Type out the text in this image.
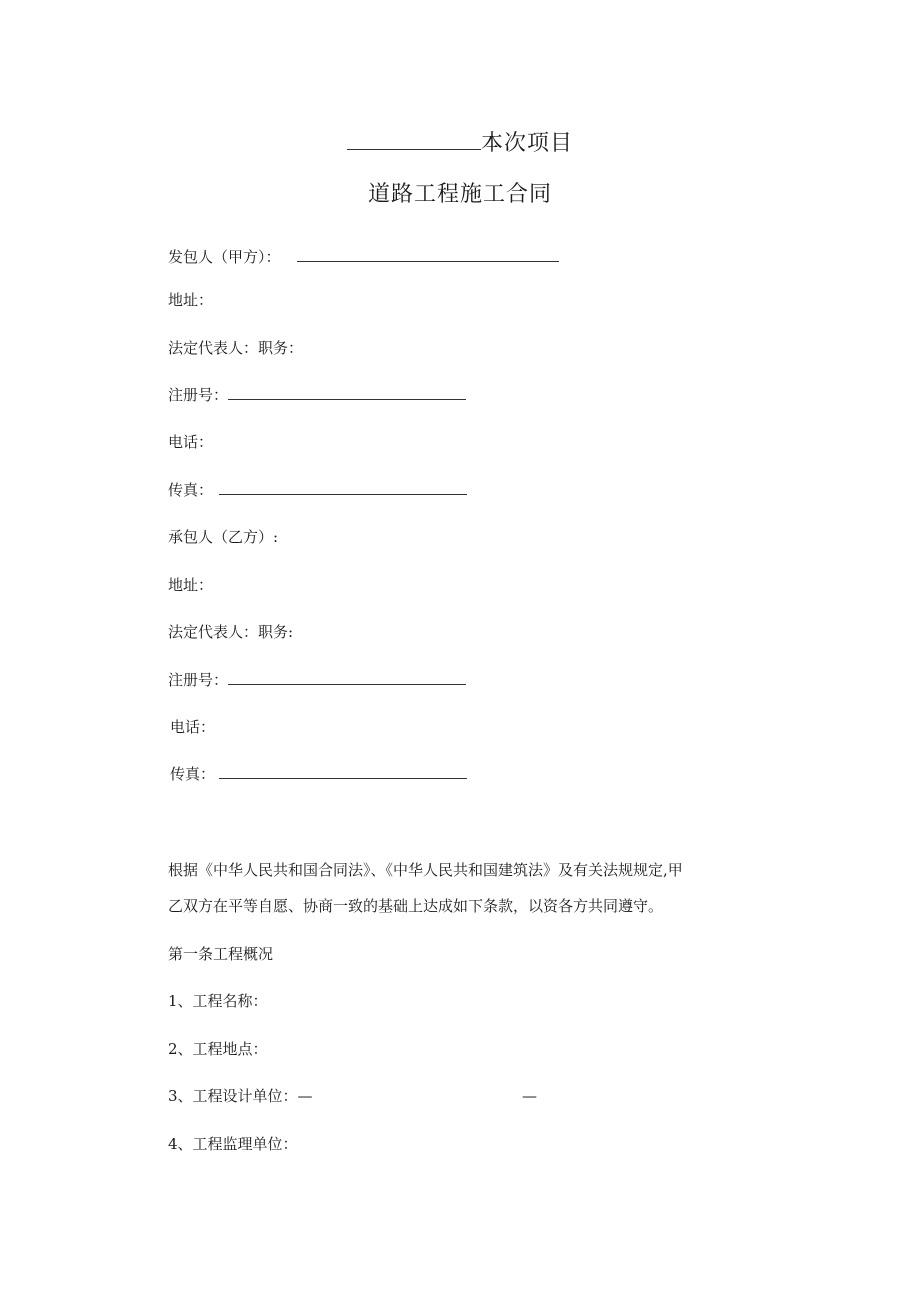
本次项目
道路工程施工合同
发包人（甲方）：
地址：
法定代表人：职务：
注册号：
电话：
传真：
承包人（乙方）:
地址：
法定代表人：职务:
注册号：
电话：
传真：
根据《中华人民共和国合同法》、《中华人民共和国建筑法》及有关法规规定,甲
乙双方在平等自愿、协商一致的基础上达成如下条款，以资各方共同遵守。
第一条工程概况
1、工程名称：
2、工程地点：
3、工程设计单位：—	—
4、工程监理单位：
